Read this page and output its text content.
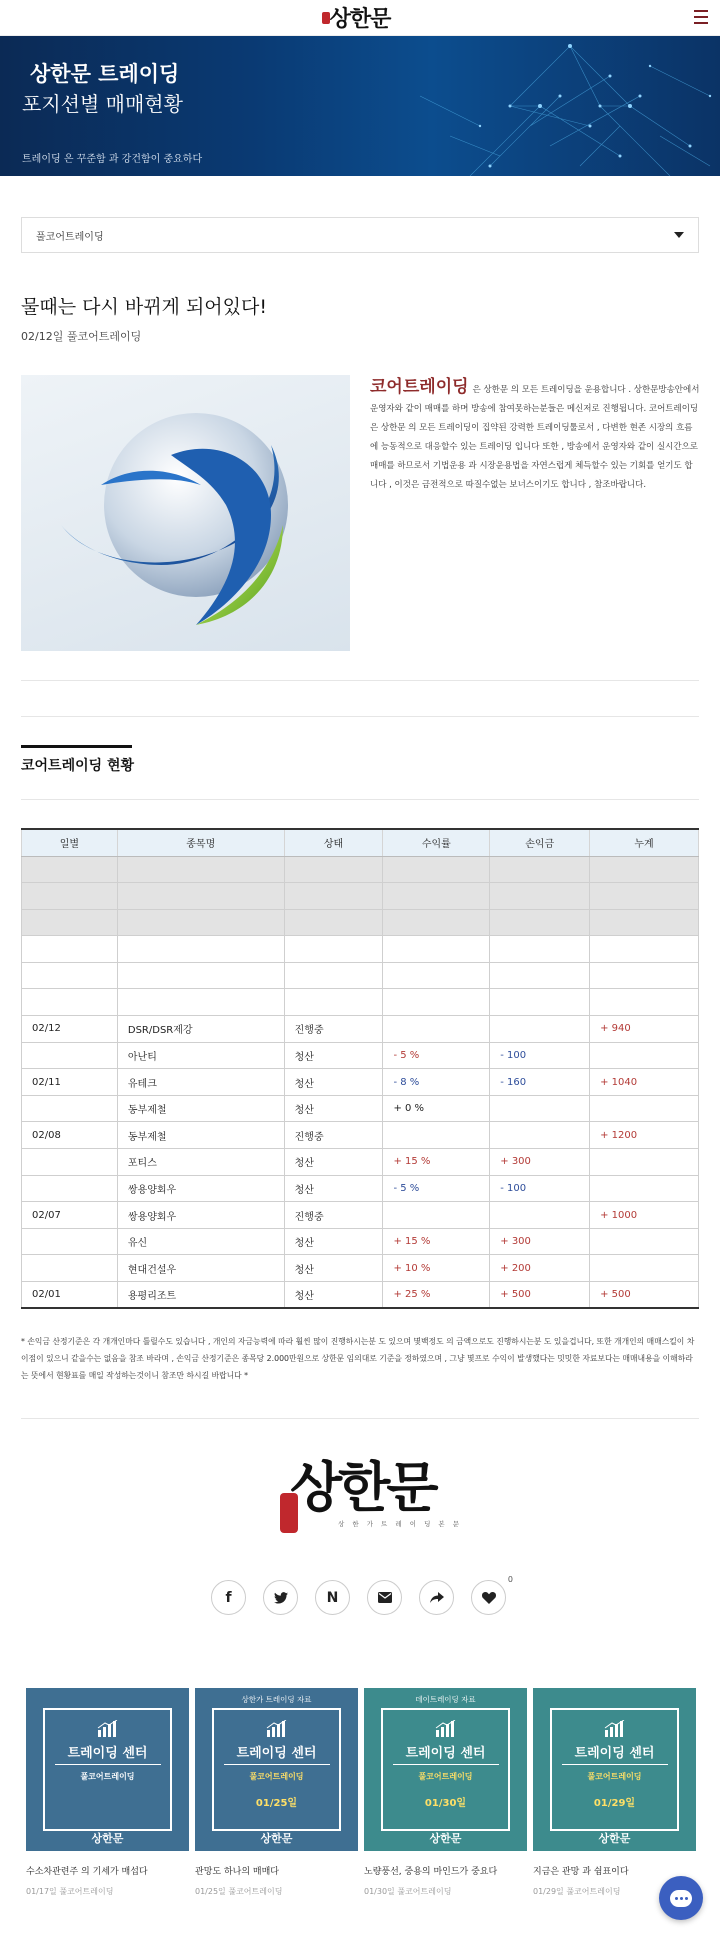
상한문
상한문 트레이딩
포지션별 매매현황
트레이딩 은 꾸준함 과 강건함이 중요하다
풀코어트레이딩
물때는 다시 바뀌게 되어있다!
02/12일 풀코어트레이딩
코어트레이딩 은 상한문 의 모든 트레이딩을 운용합니다 . 상한문방송안에서 운영자와 같이 매매를 하며 방송에 참여못하는분들은 메신저로 진행됩니다. 코어트레이딩은 상한문 의 모든 트레이딩이 집약된 강력한 트레이딩툴로서 , 다변한 현존 시장의 흐름에 능동적으로 대응할수 있는 트레이딩 입니다 또한 , 방송에서 운영자와 같이 실시간으로 매매를 하므로서 기법운용 과 시장운용법을 자연스럽게 체득할수 있는 기회를 얻기도 합니다 , 이것은 금전적으로 따질수없는 보너스이기도 합니다 , 참조바랍니다.
코어트레이딩 현황
일별	종목명	상태	수익률	손익금	누계

02/12	DSR/DSR제강	진행중			+ 940
	아난티	청산	- 5 %	- 100	
02/11	유테크	청산	- 8 %	- 160	+ 1040
	동부제철	청산	+ 0 %		
02/08	동부제철	진행중			+ 1200
	포티스	청산	+ 15 %	+ 300	
	쌍용양회우	청산	- 5 %	- 100	
02/07	쌍용양회우	진행중			+ 1000
	유신	청산	+ 15 %	+ 300	
	현대건설우	청산	+ 10 %	+ 200	
02/01	용평리조트	청산	+ 25 %	+ 500	+ 500
* 손익금 산정기준은 각 개개인마다 틀릴수도 있습니다 , 개인의 자금능력에 따라 훨씬 많이 진행하시는분 도 있으며 몇백정도 의 금액으로도 진행하시는분 도 있을겁니다, 또한 개개인의 매매스킬이 차이점이 있으니 같을수는 없음을 참조 바라며 , 손익금 산정기준은 종목당 2.000만원으로 상한문 임의대로 기준을 정하였으며 , 그냥 몇프로 수익이 발생했다는 밋밋한 자료보다는 매매내용을 이해하라는 뜻에서 현황표를 매일 작성하는것이니 참조만 하시길 바랍니다 *
상한문
상 한 가 트 레 이 딩 본 문
f	N
0
트레이딩 센터
풀코어트레이딩
상한문
수소차관련주 의 기세가 매섭다
01/17일 풀코어트레이딩
상한가 트레이딩 자료
트레이딩 센터
풀코어트레이딩
01/25일
상한문
관망도 하나의 매매다
01/25일 풀코어트레이딩
데이트레이딩 자료
트레이딩 센터
풀코어트레이딩
01/30일
상한문
노량풍선, 중용의 마인드가 중요다
01/30일 풀코어트레이딩
트레이딩 센터
풀코어트레이딩
01/29일
상한문
지금은 관망 과 쉼표이다
01/29일 풀코어트레이딩
